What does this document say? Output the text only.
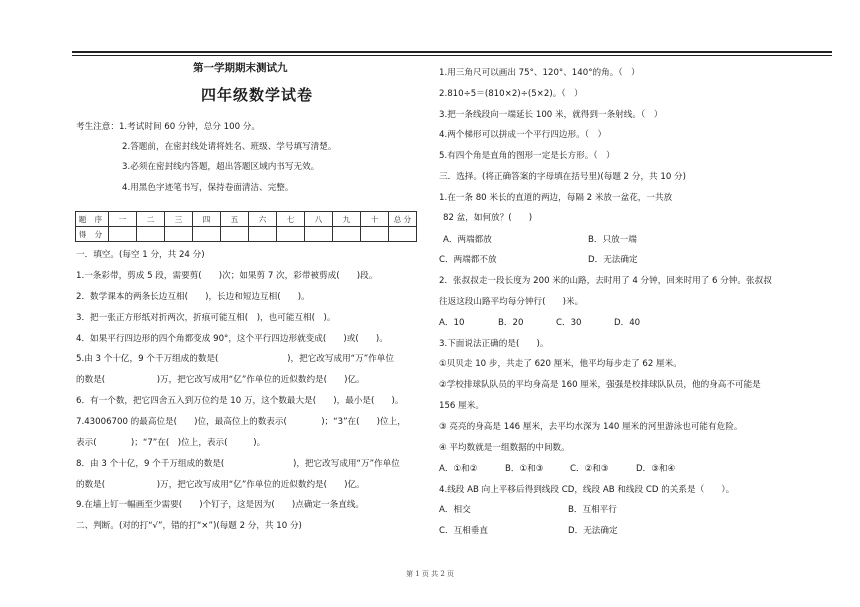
第一学期期末测试九
四年级数学试卷
考生注意：1.考试时间 60 分钟，总分 100 分。
2.答题前，在密封线处请将姓名、班级、学号填写清楚。
3.必须在密封线内答题，超出答题区域内书写无效。
4.用黑色字迹笔书写，保持卷面清洁、完整。
题 序	一	二	三	四	五	六	七	八	九	十	总 分
得 分											
一．填空。(每空 1 分，共 24 分)
1.一条彩带，剪成 5 段，需要剪(　　)次；如果剪 7 次，彩带被剪成(　　)段。
2．数学课本的两条长边互相(　　)，长边和短边互相(　　)。
3．把一张正方形纸对折两次，折痕可能互相(　)，也可能互相(　)。
4．如果平行四边形的四个角都变成 90°，这个平行四边形就变成(　　)或(　　)。
5.由 3 个十亿，9 个千万组成的数是(　　　　　　　　)，把它改写成用“万”作单位
的数是(　　　　　　)万，把它改写成用“亿”作单位的近似数约是(　　)亿。
6．有一个数，把它四舍五入到万位约是 10 万，这个数最大是(　　)，最小是(　　)。
7.43006700 的最高位是(　　)位，最高位上的数表示(　　　　)；“3”在(　　)位上，
表示(　　　　)；“7”在(　)位上，表示(　　　)。
8．由 3 个十亿，9 个千万组成的数是(　　　　　　　　)，把它改写成用“万”作单位
的数是(　　　　　　)万，把它改写成用“亿”作单位的近似数约是(　　)亿。
9.在墙上钉一幅画至少需要(　　)个钉子，这是因为(　　)点确定一条直线。
二、判断。(对的打“√”，错的打“×”)(每题 2 分，共 10 分)
1.用三角尺可以画出 75°、120°、140°的角。（　）
2.810÷5＝(810×2)÷(5×2)。（　）
3.把一条线段向一端延长 100 米，就得到一条射线。（　）
4.两个梯形可以拼成一个平行四边形。（　）
5.有四个角是直角的图形一定是长方形。（　）
三．选择。(将正确答案的字母填在括号里)(每题 2 分，共 10 分)
1.在一条 80 米长的直道的两边，每隔 2 米放一盆花，一共放
82 盆，如何放？(　　)
A．两端都放	B．只放一端
C．两端都不放	D．无法确定
2．张叔叔走一段长度为 200 米的山路，去时用了 4 分钟，回来时用了 6 分钟。张叔叔
往返这段山路平均每分钟行(　　)米。
A．10	B．20	C．30	D．40
3.下面说法正确的是(　　)。
①贝贝走 10 步，共走了 620 厘米，他平均每步走了 62 厘米。
②学校排球队队员的平均身高是 160 厘米，强强是校排球队队员，他的身高不可能是
156 厘米。
③ 亮亮的身高是 146 厘米，去平均水深为 140 厘米的河里游泳也可能有危险。
④ 平均数就是一组数据的中间数。
A．①和②	B．①和③	C．②和③	D．③和④
4.线段 AB 向上平移后得到线段 CD，线段 AB 和线段 CD 的关系是（　　）。
A．相交	B．互相平行
C．互相垂直	D．无法确定
第 1 页 共 2 页
